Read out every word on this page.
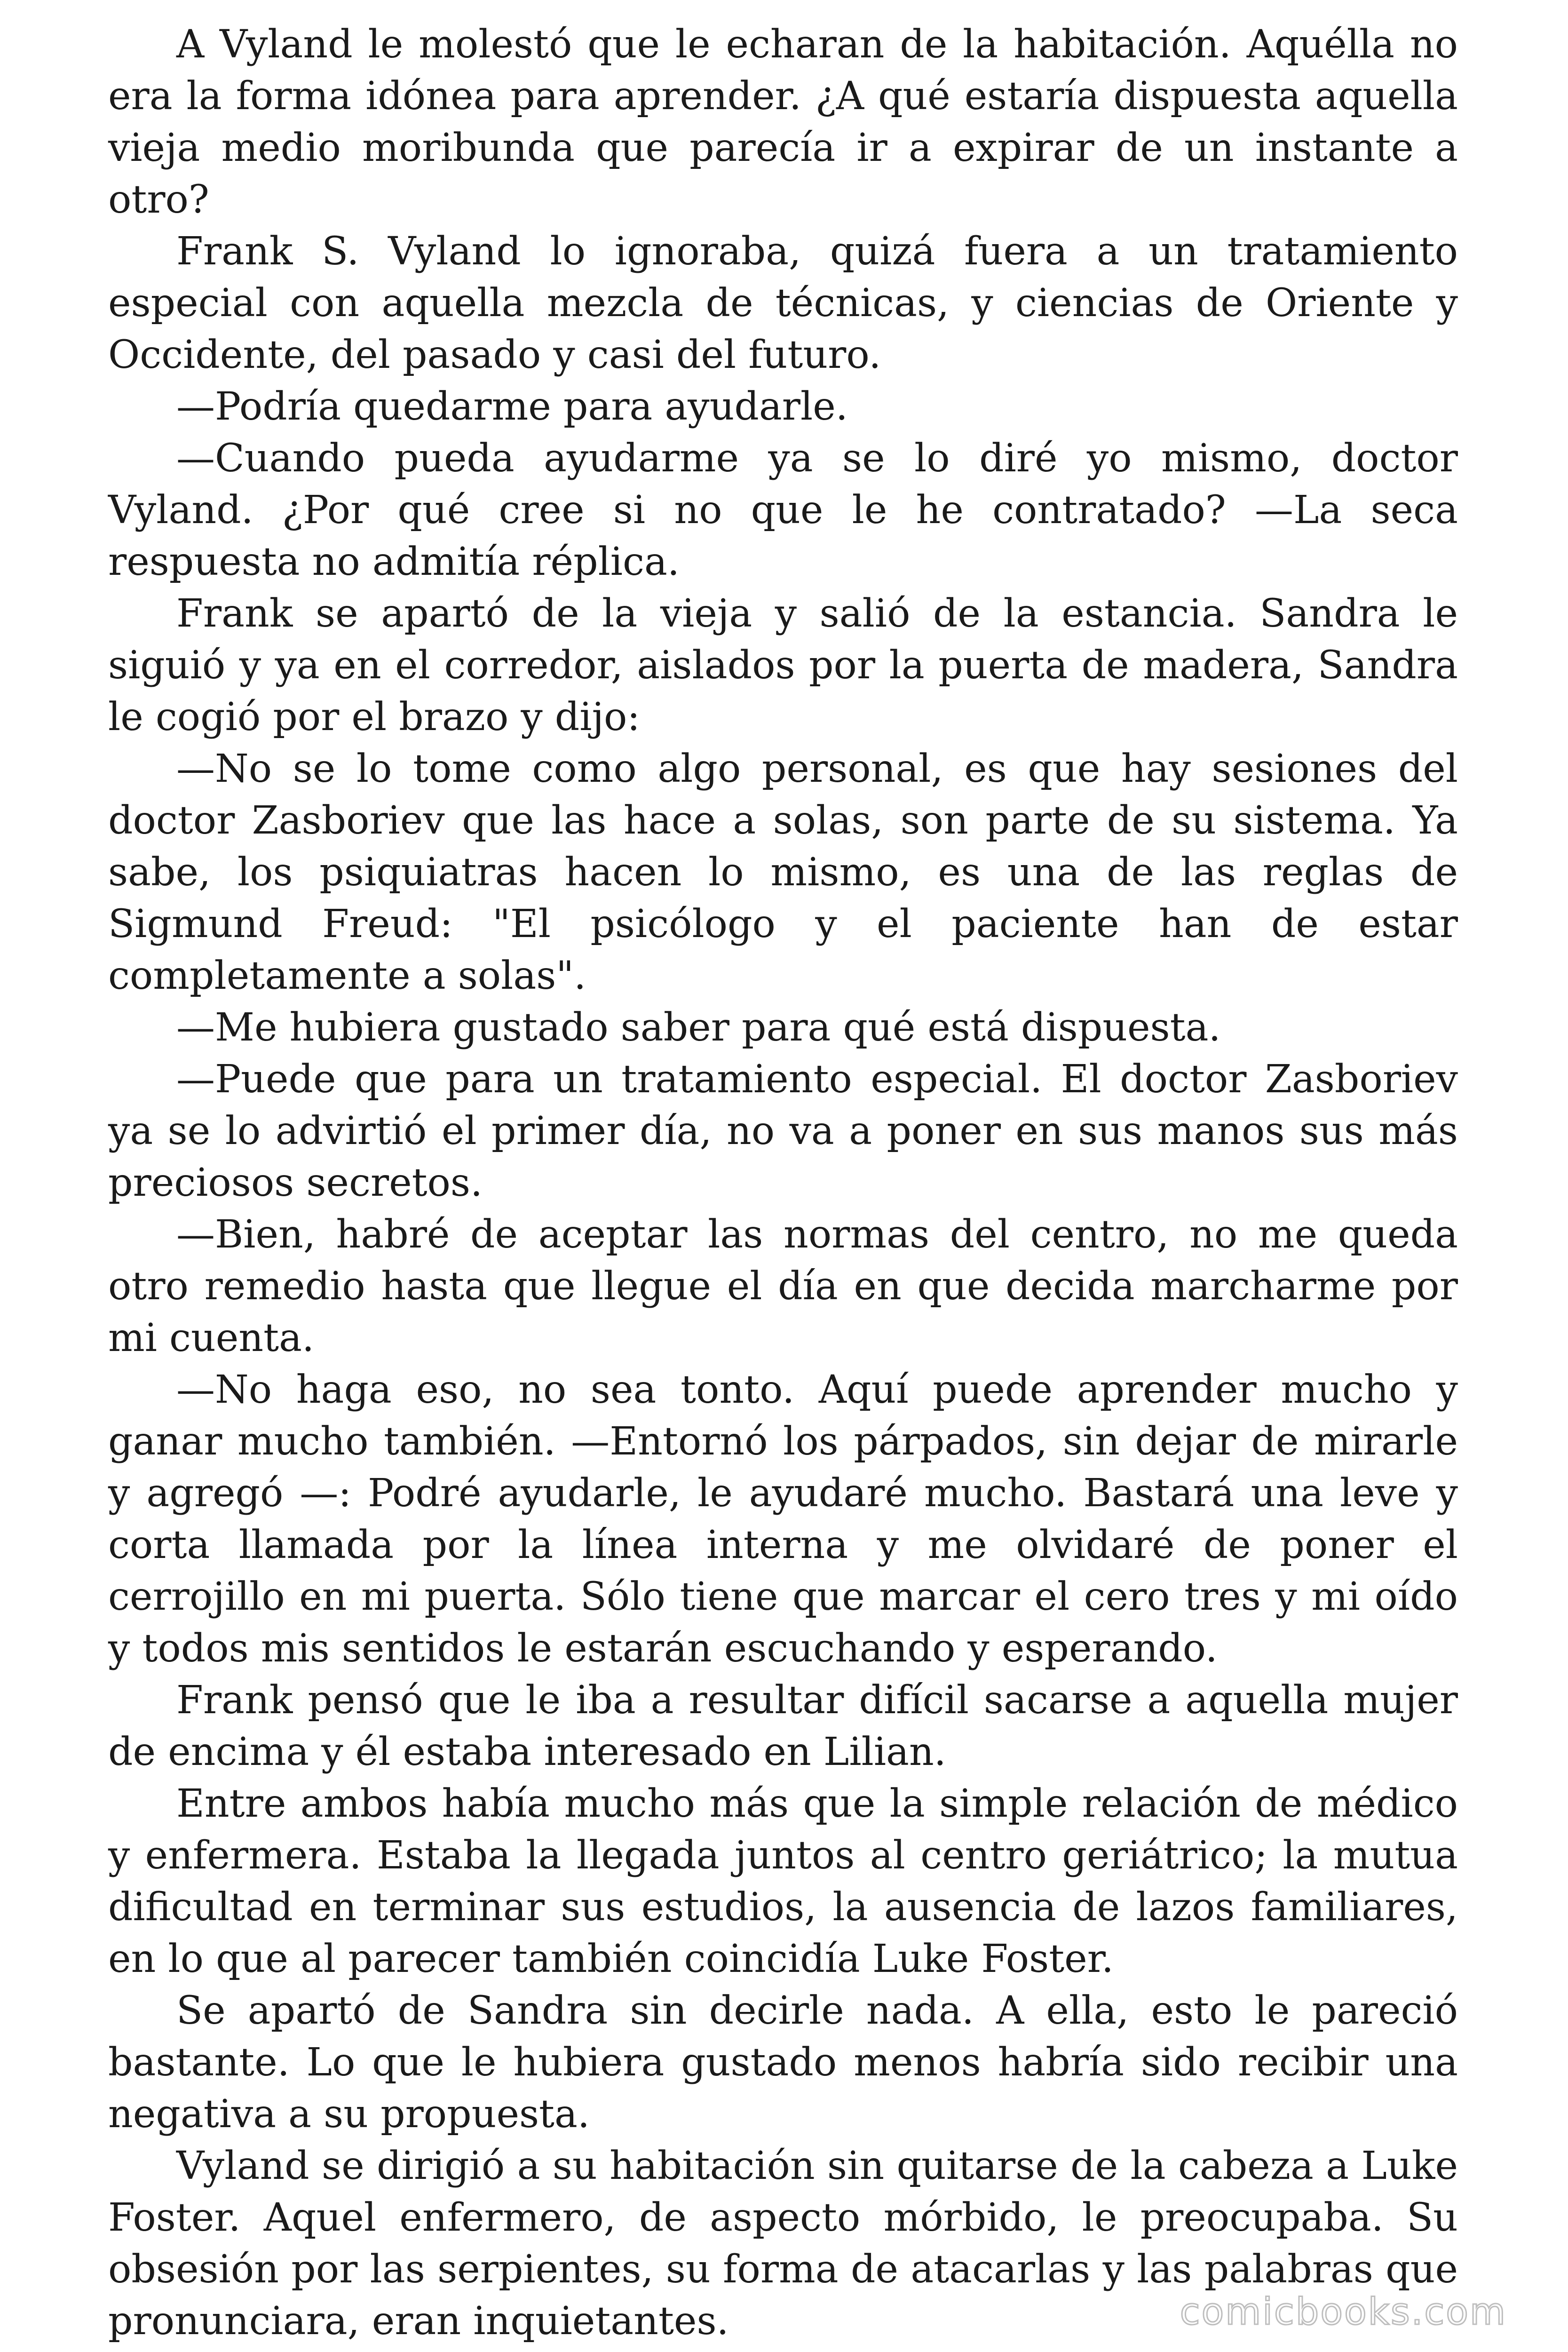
A Vyland le molestó que le echaran de la habitación. Aquélla no era la forma idónea para aprender. ¿A qué estaría dispuesta aquella vieja medio moribunda que parecía ir a expirar de un instante a otro?

Frank S. Vyland lo ignoraba, quizá fuera a un tratamiento especial con aquella mezcla de técnicas, y ciencias de Oriente y Occidente, del pasado y casi del futuro.

—Podría quedarme para ayudarle.

—Cuando pueda ayudarme ya se lo diré yo mismo, doctor Vyland. ¿Por qué cree si no que le he contratado? —La seca respuesta no admitía réplica.

Frank se apartó de la vieja y salió de la estancia. Sandra le siguió y ya en el corredor, aislados por la puerta de madera, Sandra le cogió por el brazo y dijo:

—No se lo tome como algo personal, es que hay sesiones del doctor Zasboriev que las hace a solas, son parte de su sistema. Ya sabe, los psiquiatras hacen lo mismo, es una de las reglas de Sigmund Freud: "El psicólogo y el paciente han de estar completamente a solas".

—Me hubiera gustado saber para qué está dispuesta.

—Puede que para un tratamiento especial. El doctor Zasboriev ya se lo advirtió el primer día, no va a poner en sus manos sus más preciosos secretos.

—Bien, habré de aceptar las normas del centro, no me queda otro remedio hasta que llegue el día en que decida marcharme por mi cuenta.

—No haga eso, no sea tonto. Aquí puede aprender mucho y ganar mucho también. —Entornó los párpados, sin dejar de mirarle y agregó —: Podré ayudarle, le ayudaré mucho. Bastará una leve y corta llamada por la línea interna y me olvidaré de poner el cerrojillo en mi puerta. Sólo tiene que marcar el cero tres y mi oído y todos mis sentidos le estarán escuchando y esperando.

Frank pensó que le iba a resultar difícil sacarse a aquella mujer de encima y él estaba interesado en Lilian.

Entre ambos había mucho más que la simple relación de médico y enfermera. Estaba la llegada juntos al centro geriátrico; la mutua dificultad en terminar sus estudios, la ausencia de lazos familiares, en lo que al parecer también coincidía Luke Foster.

Se apartó de Sandra sin decirle nada. A ella, esto le pareció bastante. Lo que le hubiera gustado menos habría sido recibir una negativa a su propuesta.

Vyland se dirigió a su habitación sin quitarse de la cabeza a Luke Foster. Aquel enfermero, de aspecto mórbido, le preocupaba. Su obsesión por las serpientes, su forma de atacarlas y las palabras que pronunciara, eran inquietantes.	comicbooks.com
